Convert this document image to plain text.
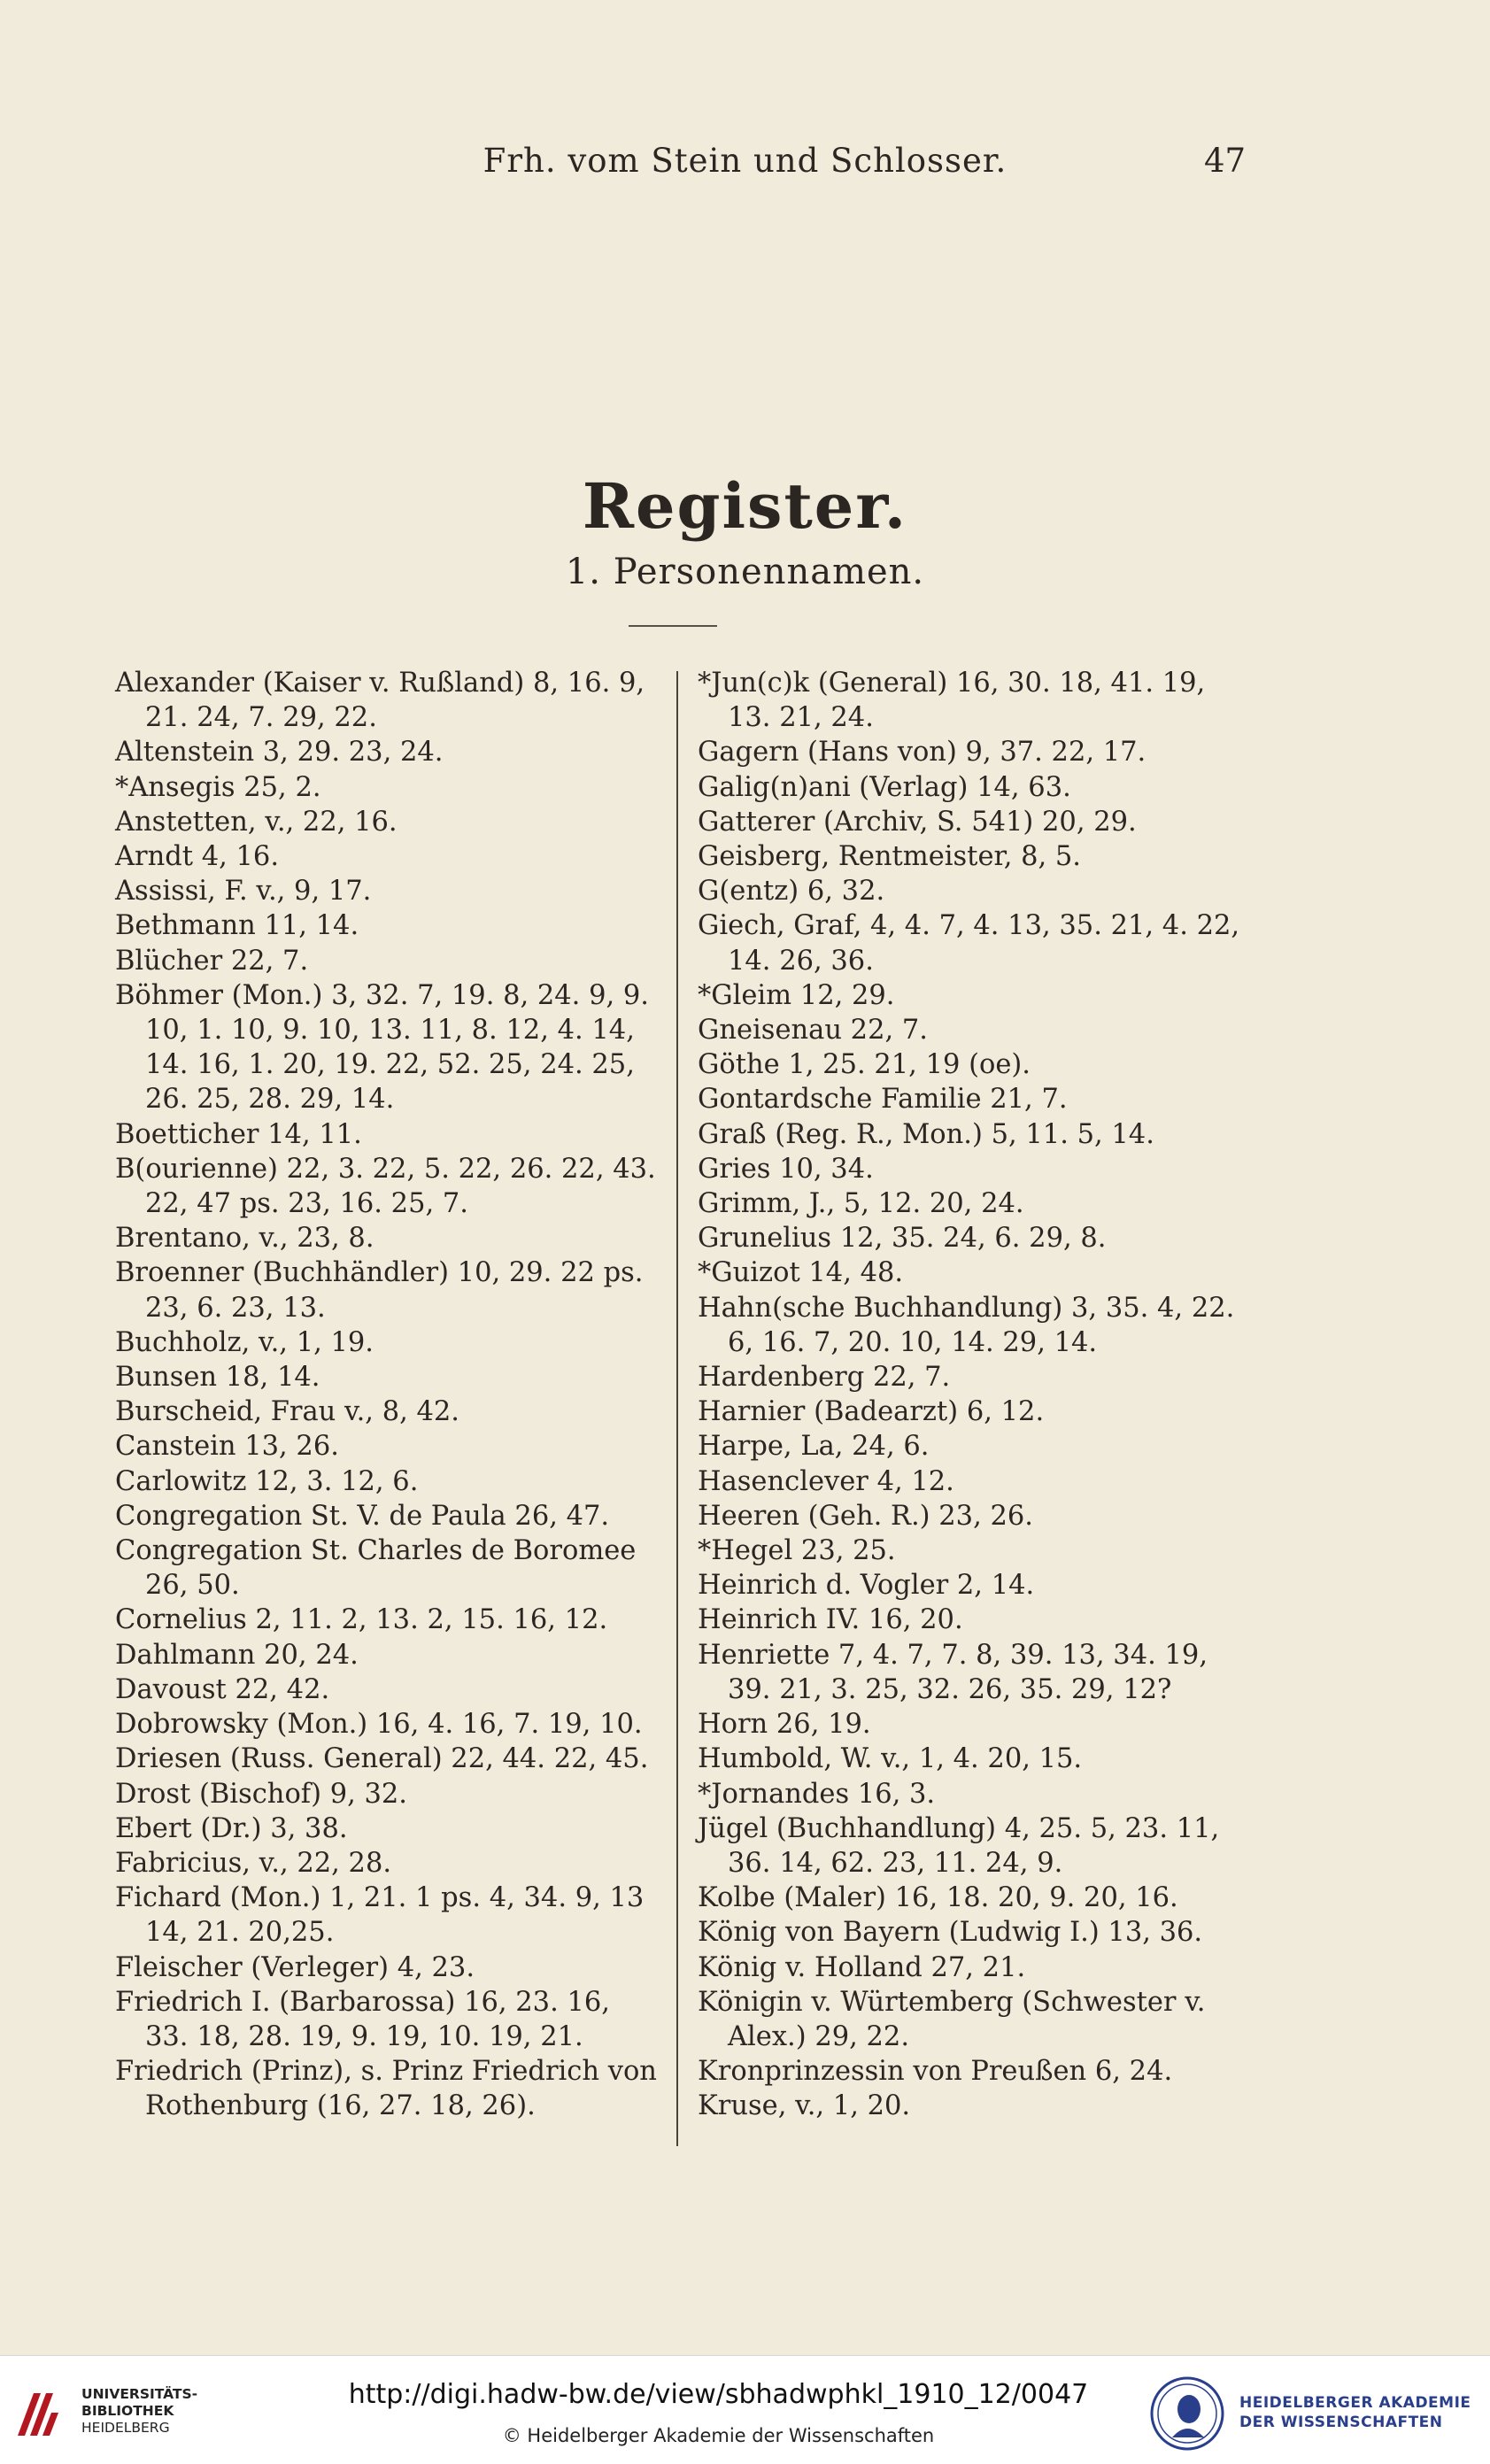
Frh. vom Stein und Schlosser.	47
Register.
1. Personennamen.
Alexander (Kaiser v. Rußland) 8, 16. 9, 21. 24, 7. 29, 22.
Altenstein 3, 29. 23, 24.
*Ansegis 25, 2.
Anstetten, v., 22, 16.
Arndt 4, 16.
Assissi, F. v., 9, 17.
Bethmann 11, 14.
Blücher 22, 7.
Böhmer (Mon.) 3, 32. 7, 19. 8, 24. 9, 9. 10, 1. 10, 9. 10, 13. 11, 8. 12, 4. 14, 14. 16, 1. 20, 19. 22, 52. 25, 24. 25, 26. 25, 28. 29, 14.
Boetticher 14, 11.
B(ourienne) 22, 3. 22, 5. 22, 26. 22, 43. 22, 47 ps. 23, 16. 25, 7.
Brentano, v., 23, 8.
Broenner (Buchhändler) 10, 29. 22 ps. 23, 6. 23, 13.
Buchholz, v., 1, 19.
Bunsen 18, 14.
Burscheid, Frau v., 8, 42.
Canstein 13, 26.
Carlowitz 12, 3. 12, 6.
Congregation St. V. de Paula 26, 47.
Congregation St. Charles de Boromee 26, 50.
Cornelius 2, 11. 2, 13. 2, 15. 16, 12.
Dahlmann 20, 24.
Davoust 22, 42.
Dobrowsky (Mon.) 16, 4. 16, 7. 19, 10.
Driesen (Russ. General) 22, 44. 22, 45.
Drost (Bischof) 9, 32.
Ebert (Dr.) 3, 38.
Fabricius, v., 22, 28.
Fichard (Mon.) 1, 21. 1 ps. 4, 34. 9, 13 14, 21. 20,25.
Fleischer (Verleger) 4, 23.
Friedrich I. (Barbarossa) 16, 23. 16, 33. 18, 28. 19, 9. 19, 10. 19, 21.
Friedrich (Prinz), s. Prinz Friedrich von Rothenburg (16, 27. 18, 26).
*Jun(c)k (General) 16, 30. 18, 41. 19, 13. 21, 24.
Gagern (Hans von) 9, 37. 22, 17.
Galig(n)ani (Verlag) 14, 63.
Gatterer (Archiv, S. 541) 20, 29.
Geisberg, Rentmeister, 8, 5.
G(entz) 6, 32.
Giech, Graf, 4, 4. 7, 4. 13, 35. 21, 4. 22, 14. 26, 36.
*Gleim 12, 29.
Gneisenau 22, 7.
Göthe 1, 25. 21, 19 (oe).
Gontardsche Familie 21, 7.
Graß (Reg. R., Mon.) 5, 11. 5, 14.
Gries 10, 34.
Grimm, J., 5, 12. 20, 24.
Grunelius 12, 35. 24, 6. 29, 8.
*Guizot 14, 48.
Hahn(sche Buchhandlung) 3, 35. 4, 22. 6, 16. 7, 20. 10, 14. 29, 14.
Hardenberg 22, 7.
Harnier (Badearzt) 6, 12.
Harpe, La, 24, 6.
Hasenclever 4, 12.
Heeren (Geh. R.) 23, 26.
*Hegel 23, 25.
Heinrich d. Vogler 2, 14.
Heinrich IV. 16, 20.
Henriette 7, 4. 7, 7. 8, 39. 13, 34. 19, 39. 21, 3. 25, 32. 26, 35. 29, 12?
Horn 26, 19.
Humbold, W. v., 1, 4. 20, 15.
*Jornandes 16, 3.
Jügel (Buchhandlung) 4, 25. 5, 23. 11, 36. 14, 62. 23, 11. 24, 9.
Kolbe (Maler) 16, 18. 20, 9. 20, 16.
König von Bayern (Ludwig I.) 13, 36.
König v. Holland 27, 21.
Königin v. Würtemberg (Schwester v. Alex.) 29, 22.
Kronprinzessin von Preußen 6, 24.
Kruse, v., 1, 20.
UNIVERSITÄTS-
BIBLIOTHEK
HEIDELBERG
http://digi.hadw-bw.de/view/sbhadwphkl_1910_12/0047
© Heidelberger Akademie der Wissenschaften
HEIDELBERGER AKADEMIE
DER WISSENSCHAFTEN
